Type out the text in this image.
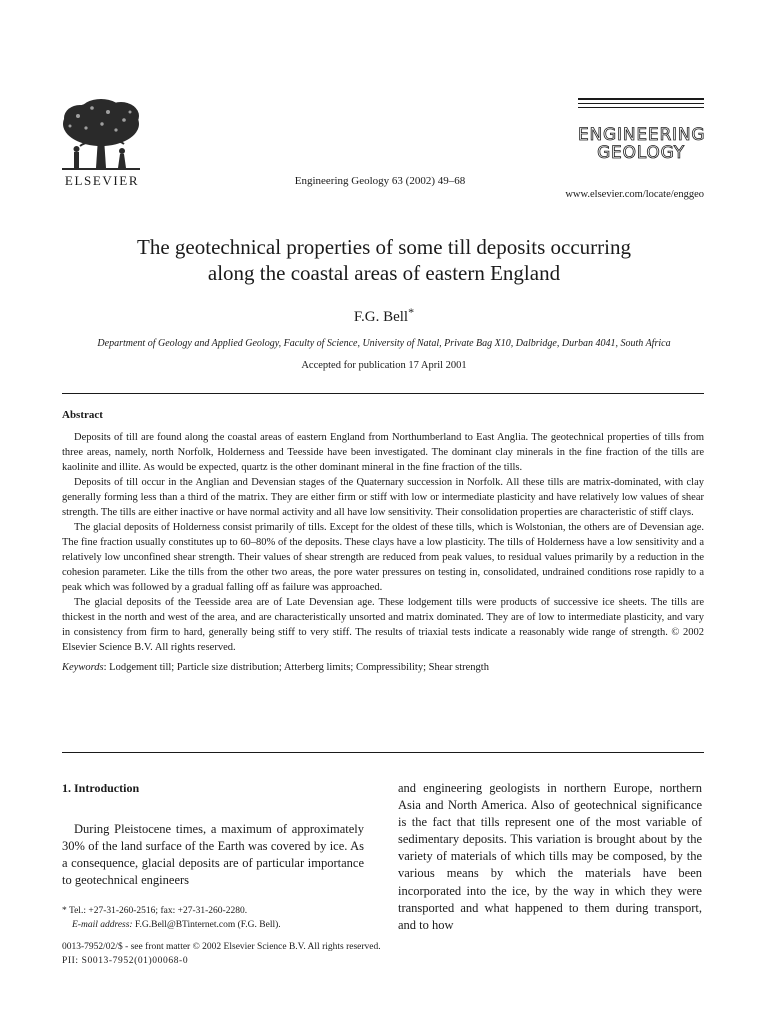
ELSEVIER	Engineering Geology 63 (2002) 49–68
ENGINEERING
GEOLOGY
www.elsevier.com/locate/enggeo
The geotechnical properties of some till deposits occurring
along the coastal areas of eastern England
F.G. Bell*
Department of Geology and Applied Geology, Faculty of Science, University of Natal, Private Bag X10, Dalbridge, Durban 4041, South Africa
Accepted for publication 17 April 2001
Abstract

Deposits of till are found along the coastal areas of eastern England from Northumberland to East Anglia. The geotechnical properties of tills from three areas, namely, north Norfolk, Holderness and Teesside have been investigated. The dominant clay minerals in the fine fraction of the tills are kaolinite and illite. As would be expected, quartz is the other dominant mineral in the fine fraction of the tills.

Deposits of till occur in the Anglian and Devensian stages of the Quaternary succession in Norfolk. All these tills are matrix-dominated, with clay generally forming less than a third of the matrix. They are either firm or stiff with low or intermediate plasticity and have relatively low values of shear strength. The tills are either inactive or have normal activity and all have low sensitivity. Their consolidation properties are characteristic of stiff clays.

The glacial deposits of Holderness consist primarily of tills. Except for the oldest of these tills, which is Wolstonian, the others are of Devensian age. The fine fraction usually constitutes up to 60–80% of the deposits. These clays have a low plasticity. The tills of Holderness have a low sensitivity and a relatively low unconfined shear strength. Their values of shear strength are reduced from peak values, to residual values primarily by a reduction in the cohesion parameter. Like the tills from the other two areas, the pore water pressures on testing in, consolidated, undrained conditions rose rapidly to a peak which was followed by a gradual falling off as failure was approached.

The glacial deposits of the Teesside area are of Late Devensian age. These lodgement tills were products of successive ice sheets. The tills are thickest in the north and west of the area, and are characteristically unsorted and matrix dominated. They are of low to intermediate plasticity, and vary in consistency from firm to hard, generally being stiff to very stiff. The results of triaxial tests indicate a reasonably wide range of strength. © 2002 Elsevier Science B.V. All rights reserved.

Keywords: Lodgement till; Particle size distribution; Atterberg limits; Compressibility; Shear strength
1. Introduction

During Pleistocene times, a maximum of approximately 30% of the land surface of the Earth was covered by ice. As a consequence, glacial deposits are of particular importance to geotechnical engineers

and engineering geologists in northern Europe, northern Asia and North America. Also of geotechnical significance is the fact that tills represent one of the most variable of sedimentary deposits. This variation is brought about by the variety of materials of which tills may be composed, by the various means by which the materials have been incorporated into the ice, by the way in which they were transported and what happened to them during transport, and to how

* Tel.: +27-31-260-2516; fax: +27-31-260-2280.
E-mail address: F.G.Bell@BTinternet.com (F.G. Bell).
0013-7952/02/$ - see front matter © 2002 Elsevier Science B.V. All rights reserved.
PII: S0013-7952(01)00068-0
